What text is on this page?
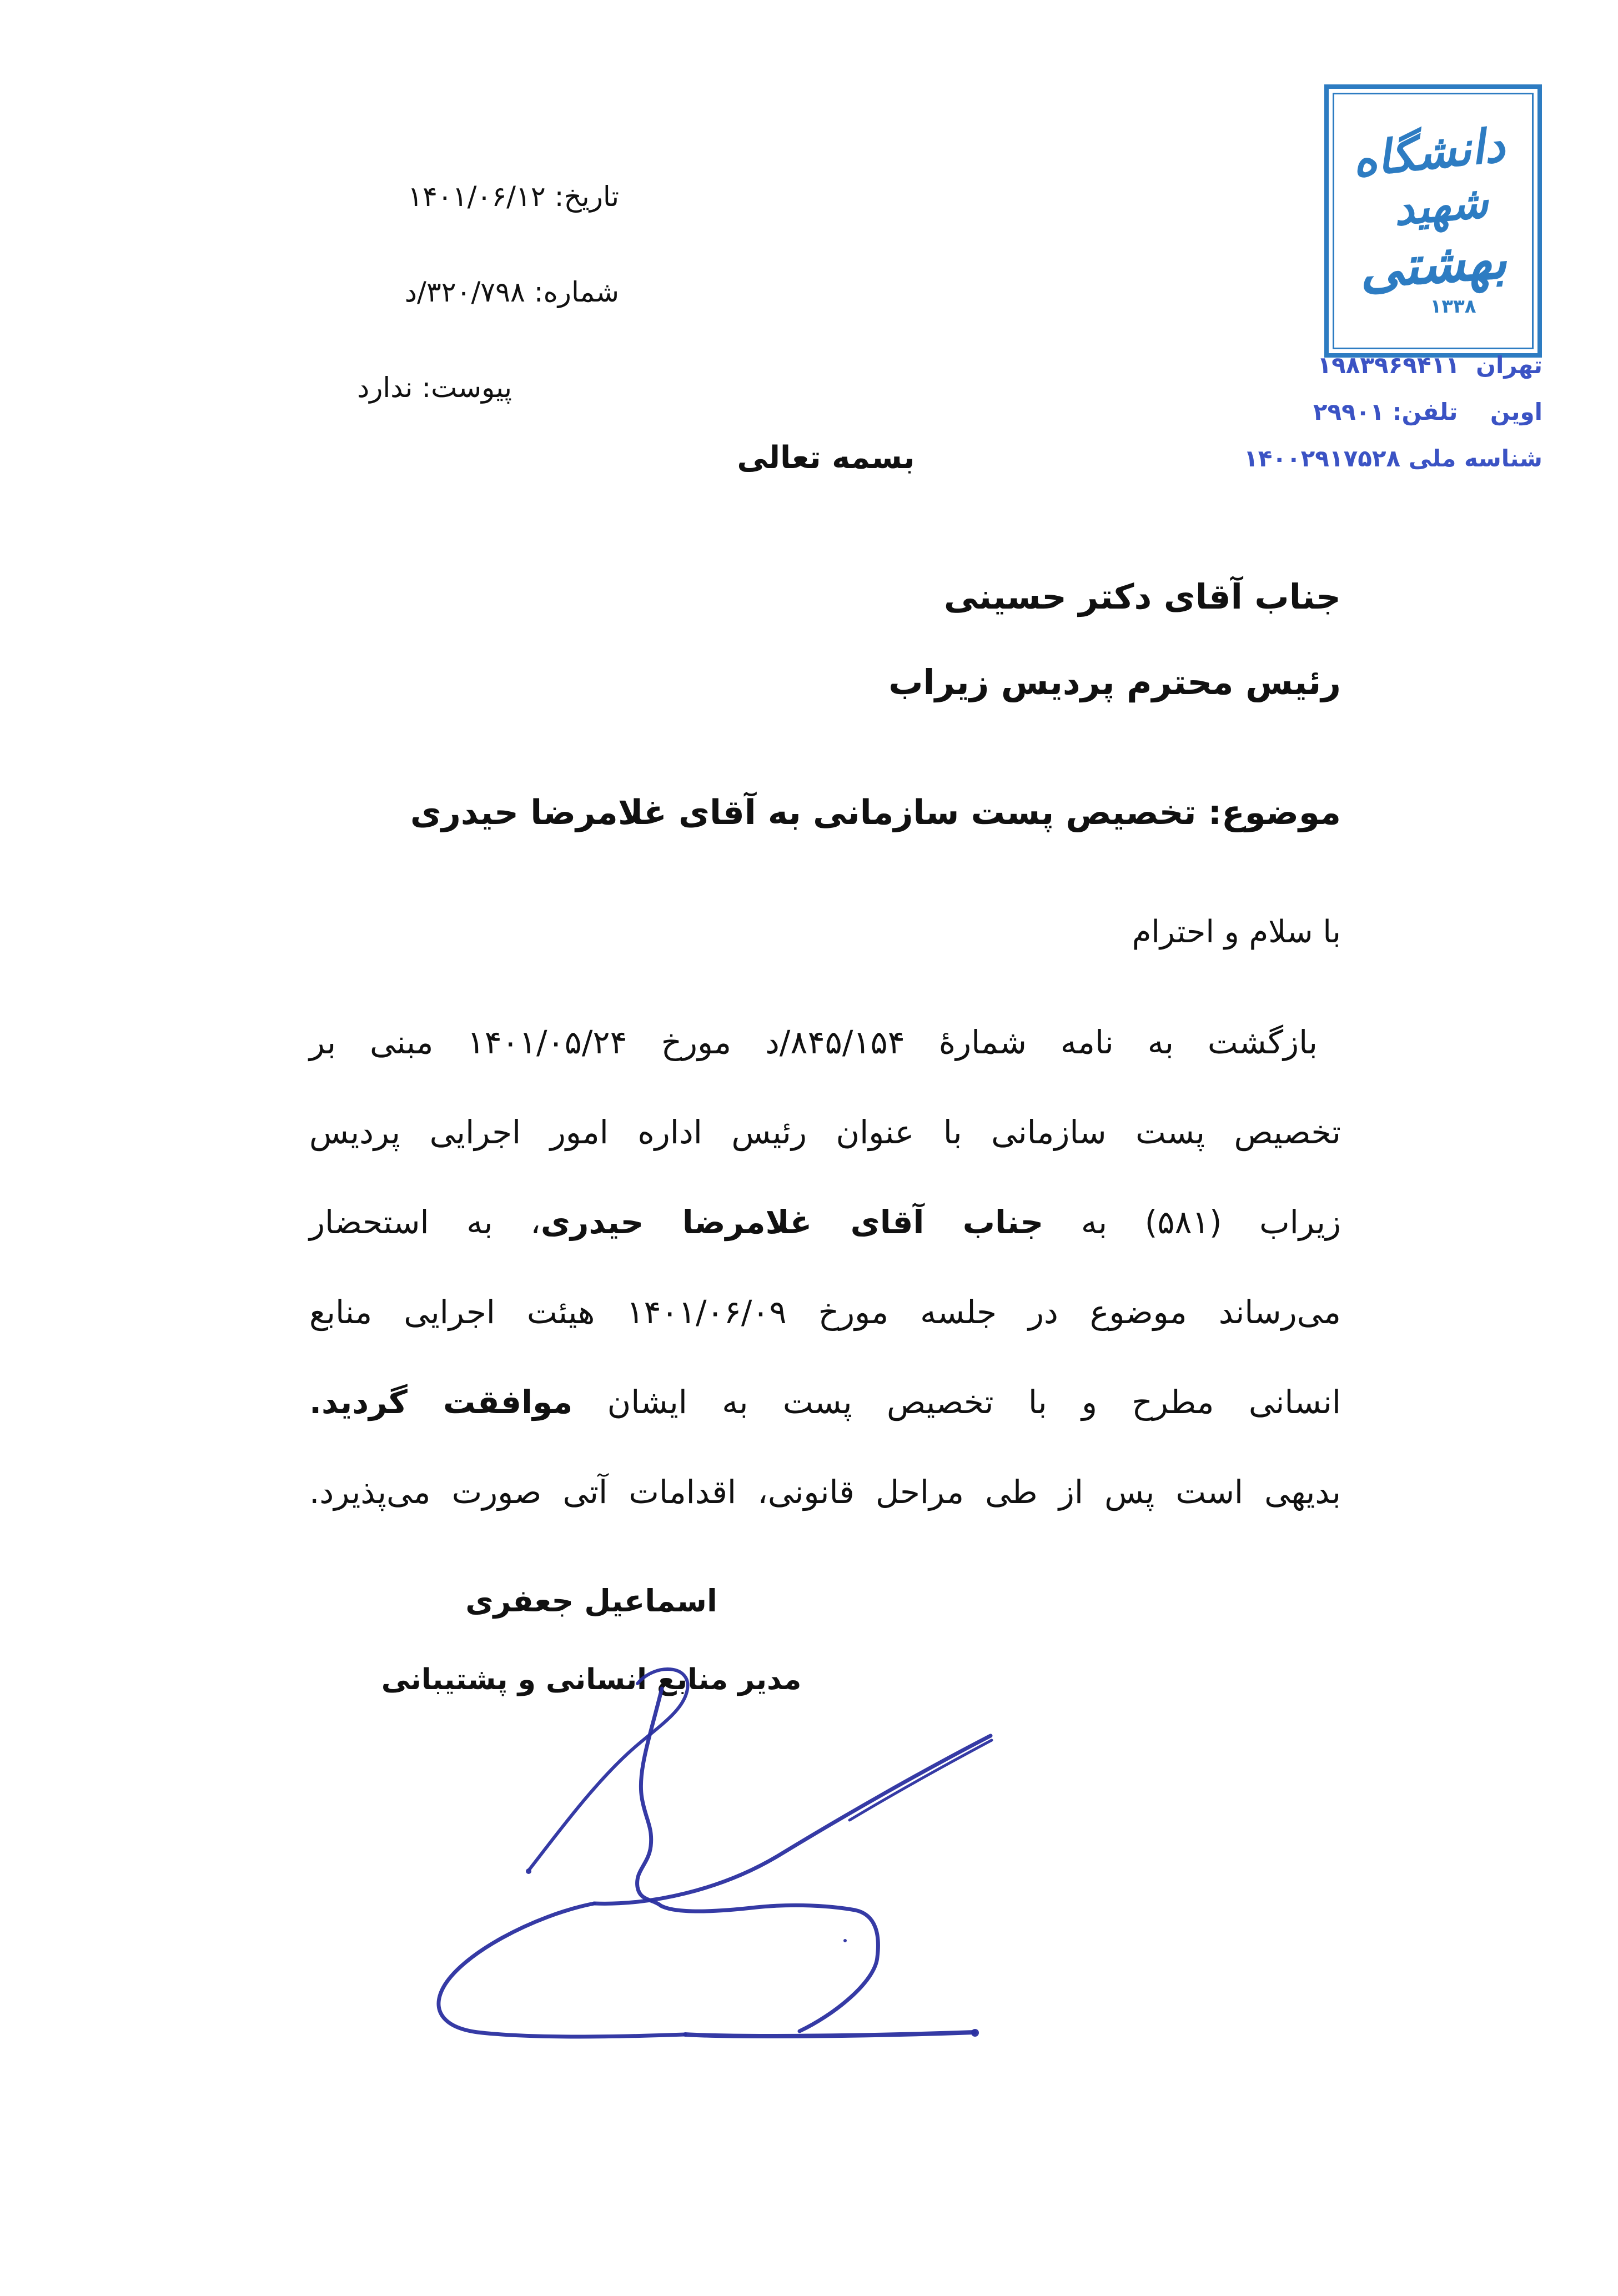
تاریخ: ۱۴۰۱/۰۶/۱۲
شماره: ۳۲۰/۷۹۸/د
پیوست: ندارد
دانشگاه
شهید
بهشتی
۱۳۳۸
تهران  ۱۹۸۳۹۶۹۴۱۱
اوین    تلفن: ۲۹۹۰۱
شناسه ملی ۱۴۰۰۲۹۱۷۵۲۸
بسمه تعالی
جناب آقای دکتر حسینی
رئیس محترم پردیس زیراب
موضوع: تخصیص پست سازمانی به آقای غلامرضا حیدری
با سلام و احترام
بازگشت به نامه شمارۀ ۸۴۵/۱۵۴/د مورخ ۱۴۰۱/۰۵/۲۴ مبنی بر
تخصیص پست سازمانی با عنوان رئیس اداره امور اجرایی پردیس
زیراب (۵۸۱) به جناب آقای غلامرضا حیدری، به استحضار
می‌رساند موضوع در جلسه مورخ ۱۴۰۱/۰۶/۰۹ هیئت اجرایی منابع
انسانی مطرح و با تخصیص پست به ایشان موافقت گردید.
بدیهی است پس از طی مراحل قانونی، اقدامات آتی صورت می‌پذیرد.
اسماعیل جعفری
مدیر منابع انسانی و پشتیبانی
